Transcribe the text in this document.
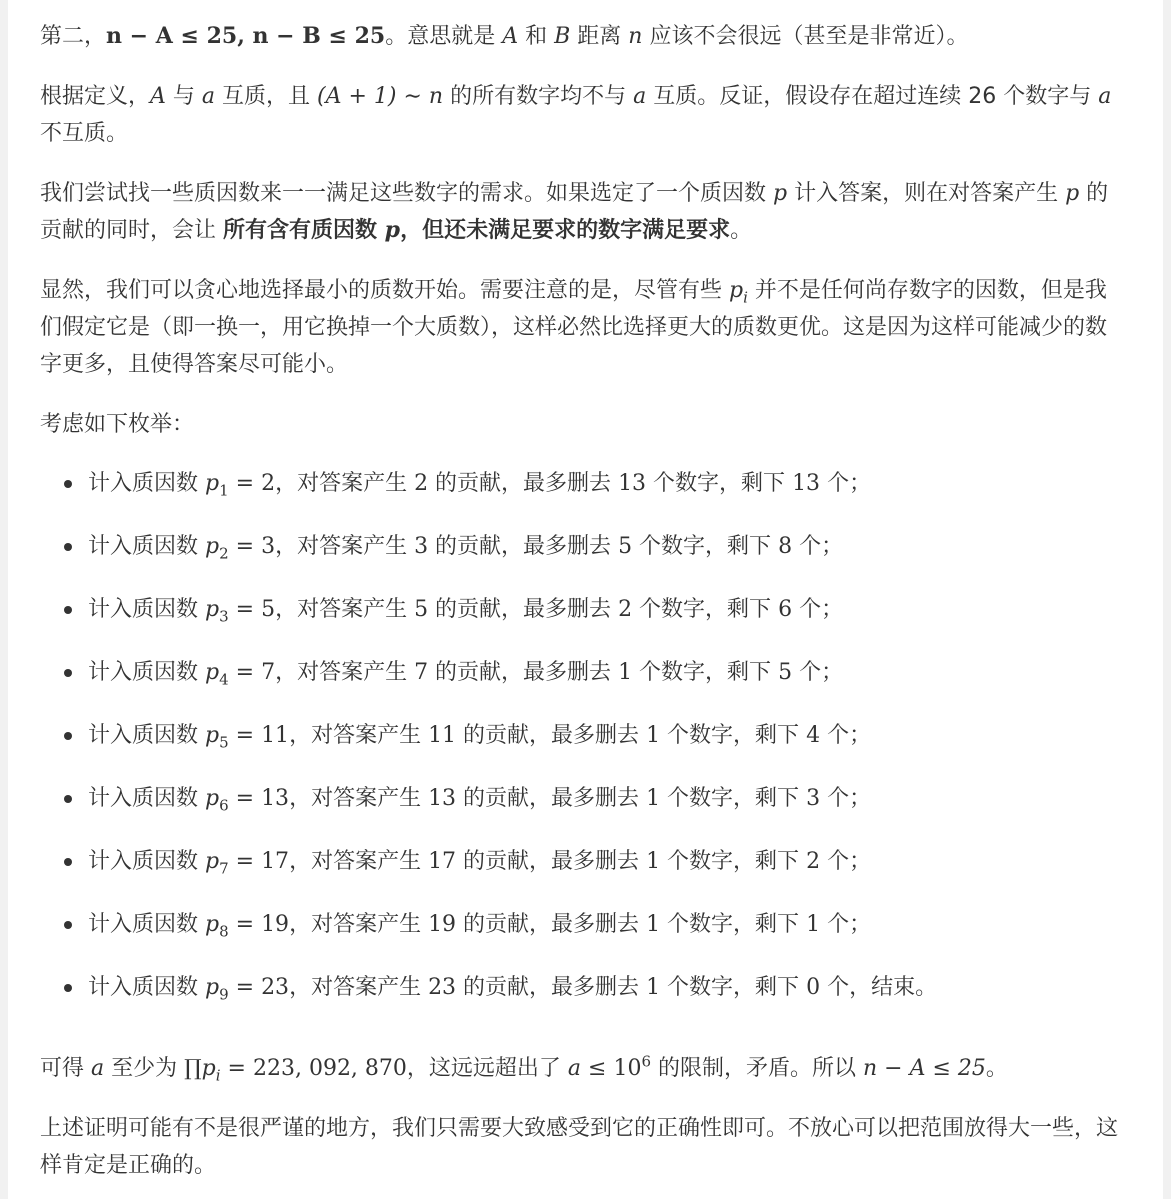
第二，n − A ≤ 25, n − B ≤ 25。意思就是 A 和 B 距离 n 应该不会很远（甚至是非常近）。

根据定义，A 与 a 互质，且 (A + 1) ∼ n 的所有数字均不与 a 互质。反证，假设存在超过连续 26 个数字与 a 不互质。

我们尝试找一些质因数来一一满足这些数字的需求。如果选定了一个质因数 p 计入答案，则在对答案产生 p 的贡献的同时，会让 所有含有质因数 p，但还未满足要求的数字满足要求。

显然，我们可以贪心地选择最小的质数开始。需要注意的是，尽管有些 $p_i$ 并不是任何尚存数字的因数，但是我们假定它是（即一换一，用它换掉一个大质数），这样必然比选择更大的质数更优。这是因为这样可能减少的数字更多，且使得答案尽可能小。

考虑如下枚举：

计入质因数 $p_1 = 2$，对答案产生 2 的贡献，最多删去 13 个数字，剩下 13 个；
计入质因数 $p_2 = 3$，对答案产生 3 的贡献，最多删去 5 个数字，剩下 8 个；
计入质因数 $p_3 = 5$，对答案产生 5 的贡献，最多删去 2 个数字，剩下 6 个；
计入质因数 $p_4 = 7$，对答案产生 7 的贡献，最多删去 1 个数字，剩下 5 个；
计入质因数 $p_5 = 11$，对答案产生 11 的贡献，最多删去 1 个数字，剩下 4 个；
计入质因数 $p_6 = 13$，对答案产生 13 的贡献，最多删去 1 个数字，剩下 3 个；
计入质因数 $p_7 = 17$，对答案产生 17 的贡献，最多删去 1 个数字，剩下 2 个；
计入质因数 $p_8 = 19$，对答案产生 19 的贡献，最多删去 1 个数字，剩下 1 个；
计入质因数 $p_9 = 23$，对答案产生 23 的贡献，最多删去 1 个数字，剩下 0 个，结束。

可得 a 至少为 $\prod p_i = 223$, 092, 870，这远远超出了 $a \le 10^6$ 的限制，矛盾。所以 n − A ≤ 25。

上述证明可能有不是很严谨的地方，我们只需要大致感受到它的正确性即可。不放心可以把范围放得大一些，这样肯定是正确的。
